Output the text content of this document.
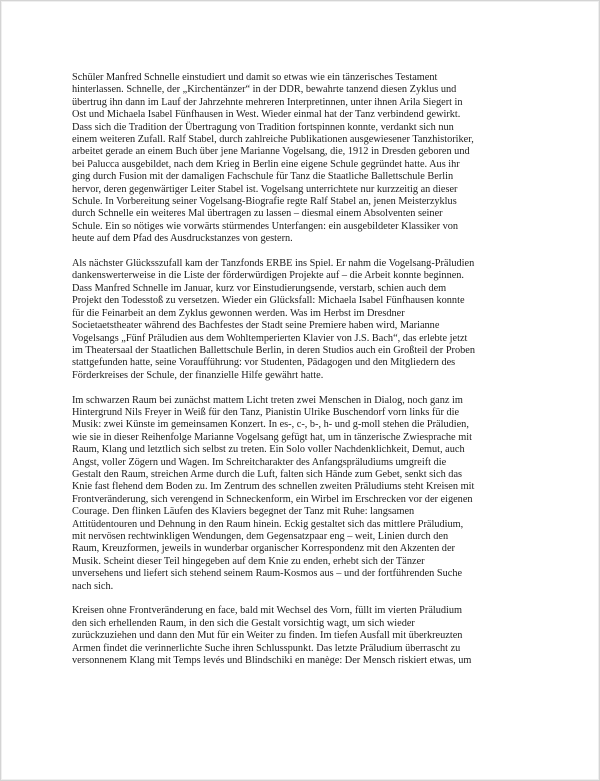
Schüler Manfred Schnelle einstudiert und damit so etwas wie ein tänzerisches Testament
hinterlassen. Schnelle, der „Kirchentänzer“ in der DDR, bewahrte tanzend diesen Zyklus und
übertrug ihn dann im Lauf der Jahrzehnte mehreren Interpretinnen, unter ihnen Arila Siegert in
Ost und Michaela Isabel Fünfhausen in West. Wieder einmal hat der Tanz verbindend gewirkt.
Dass sich die Tradition der Übertragung von Tradition fortspinnen konnte, verdankt sich nun
einem weiteren Zufall. Ralf Stabel, durch zahlreiche Publikationen ausgewiesener Tanzhistoriker,
arbeitet gerade an einem Buch über jene Marianne Vogelsang, die, 1912 in Dresden geboren und
bei Palucca ausgebildet, nach dem Krieg in Berlin eine eigene Schule gegründet hatte. Aus ihr
ging durch Fusion mit der damaligen Fachschule für Tanz die Staatliche Ballettschule Berlin
hervor, deren gegenwärtiger Leiter Stabel ist. Vogelsang unterrichtete nur kurzzeitig an dieser
Schule. In Vorbereitung seiner Vogelsang-Biografie regte Ralf Stabel an, jenen Meisterzyklus
durch Schnelle ein weiteres Mal übertragen zu lassen – diesmal einem Absolventen seiner
Schule. Ein so nötiges wie vorwärts stürmendes Unterfangen: ein ausgebildeter Klassiker von
heute auf dem Pfad des Ausdruckstanzes von gestern.
Als nächster Glücksszufall kam der Tanzfonds ERBE ins Spiel. Er nahm die Vogelsang-Präludien
dankenswerterweise in die Liste der förderwürdigen Projekte auf – die Arbeit konnte beginnen.
Dass Manfred Schnelle im Januar, kurz vor Einstudierungsende, verstarb, schien auch dem
Projekt den Todesstoß zu versetzen. Wieder ein Glücksfall: Michaela Isabel Fünfhausen konnte
für die Feinarbeit an dem Zyklus gewonnen werden. Was im Herbst im Dresdner
Societaetstheater während des Bachfestes der Stadt seine Premiere haben wird, Marianne
Vogelsangs „Fünf Präludien aus dem Wohltemperierten Klavier von J.S. Bach“, das erlebte jetzt
im Theatersaal der Staatlichen Ballettschule Berlin, in deren Studios auch ein Großteil der Proben
stattgefunden hatte, seine Voraufführung: vor Studenten, Pädagogen und den Mitgliedern des
Förderkreises der Schule, der finanzielle Hilfe gewährt hatte.
Im schwarzen Raum bei zunächst mattem Licht treten zwei Menschen in Dialog, noch ganz im
Hintergrund Nils Freyer in Weiß für den Tanz, Pianistin Ulrike Buschendorf vorn links für die
Musik: zwei Künste im gemeinsamen Konzert. In es-, c-, b-, h- und g-moll stehen die Präludien,
wie sie in dieser Reihenfolge Marianne Vogelsang gefügt hat, um in tänzerische Zwiesprache mit
Raum, Klang und letztlich sich selbst zu treten. Ein Solo voller Nachdenklichkeit, Demut, auch
Angst, voller Zögern und Wagen. Im Schreitcharakter des Anfangspräludiums umgreift die
Gestalt den Raum, streichen Arme durch die Luft, falten sich Hände zum Gebet, senkt sich das
Knie fast flehend dem Boden zu. Im Zentrum des schnellen zweiten Präludiums steht Kreisen mit
Frontveränderung, sich verengend in Schneckenform, ein Wirbel im Erschrecken vor der eigenen
Courage. Den flinken Läufen des Klaviers begegnet der Tanz mit Ruhe: langsamen
Attitüdentouren und Dehnung in den Raum hinein. Eckig gestaltet sich das mittlere Präludium,
mit nervösen rechtwinkligen Wendungen, dem Gegensatzpaar eng – weit, Linien durch den
Raum, Kreuzformen, jeweils in wunderbar organischer Korrespondenz mit den Akzenten der
Musik. Scheint dieser Teil hingegeben auf dem Knie zu enden, erhebt sich der Tänzer
unversehens und liefert sich stehend seinem Raum-Kosmos aus – und der fortführenden Suche
nach sich.
Kreisen ohne Frontveränderung en face, bald mit Wechsel des Vorn, füllt im vierten Präludium
den sich erhellenden Raum, in den sich die Gestalt vorsichtig wagt, um sich wieder
zurückzuziehen und dann den Mut für ein Weiter zu finden. Im tiefen Ausfall mit überkreuzten
Armen findet die verinnerlichte Suche ihren Schlusspunkt. Das letzte Präludium überrascht zu
versonnenem Klang mit Temps levés und Blindschiki en manège: Der Mensch riskiert etwas, um
